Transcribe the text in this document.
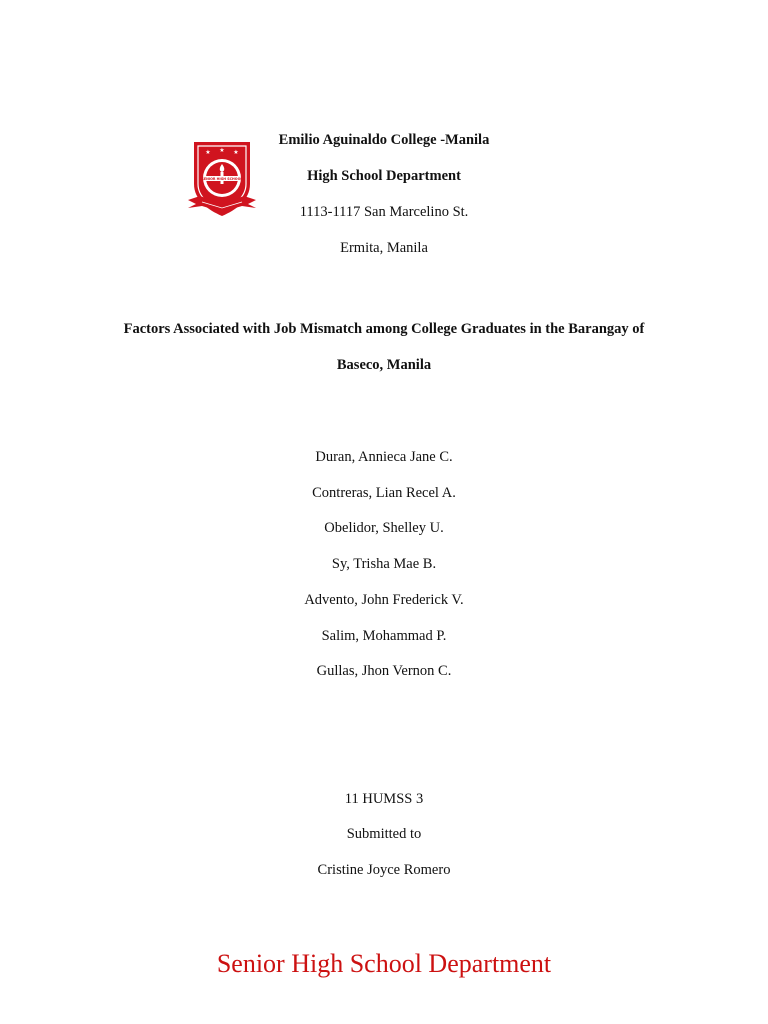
★ ★ ★
SENIOR HIGH SCHOOL
Emilio Aguinaldo College -Manila
High School Department
1113-1117 San Marcelino St.
Ermita, Manila
Factors Associated with Job Mismatch among College Graduates in the Barangay of
Baseco, Manila
Duran, Annieca Jane C.
Contreras, Lian Recel A.
Obelidor, Shelley U.
Sy, Trisha Mae B.
Advento, John Frederick V.
Salim, Mohammad P.
Gullas, Jhon Vernon C.
11 HUMSS 3
Submitted to
Cristine Joyce Romero
Senior High School Department
